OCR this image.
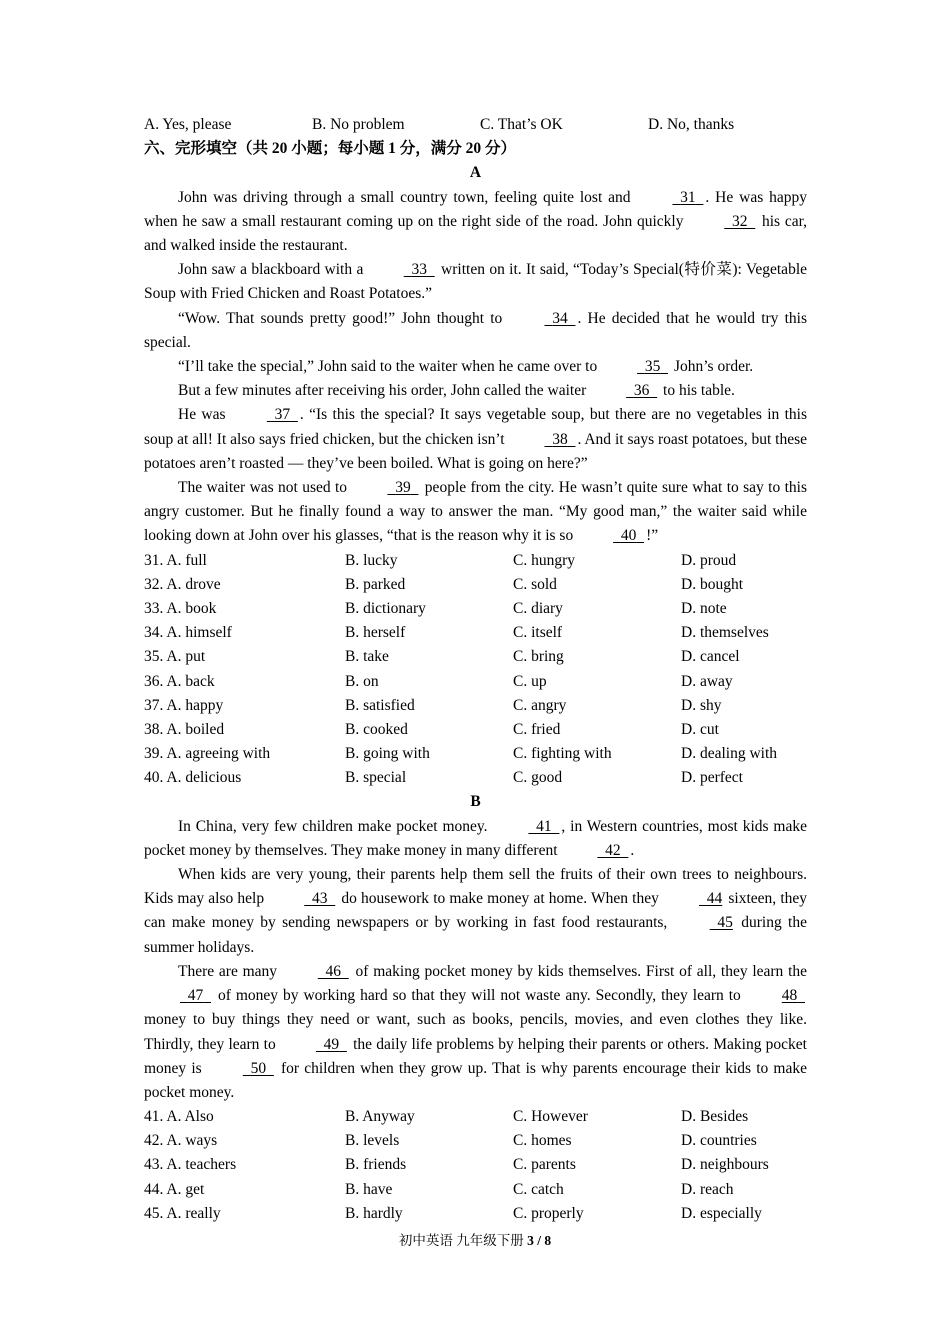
A. Yes, please	B. No problem	C. That’s OK	D. No, thanks
六、完形填空（共 20 小题；每小题 1 分，满分 20 分）
A

John was driving through a small country town, feeling quite lost and	31 . He was happy when he saw a small restaurant coming up on the right side of the road. John quickly	32   his car, and walked inside the restaurant.

John saw a blackboard with a	33   written on it. It said, “Today’s Special(特价菜): Vegetable Soup with Fried Chicken and Roast Potatoes.”

“Wow. That sounds pretty good!” John thought to	34 . He decided that he would try this special.

“I’ll take the special,” John said to the waiter when he came over to	35   John’s order.

But a few minutes after receiving his order, John called the waiter	36   to his table.

He was	37 . “Is this the special? It says vegetable soup, but there are no vegetables in this soup at all! It also says fried chicken, but the chicken isn’t	38 . And it says roast potatoes, but these potatoes aren’t roasted — they’ve been boiled. What is going on here?”

The waiter was not used to	39   people from the city. He wasn’t quite sure what to say to this angry customer. But he finally found a way to answer the man. “My good man,” the waiter said while looking down at John over his glasses, “that is the reason why it is so	40 !”

31. A. full	B. lucky	C. hungry	D. proud
32. A. drove	B. parked	C. sold	D. bought
33. A. book	B. dictionary	C. diary	D. note
34. A. himself	B. herself	C. itself	D. themselves
35. A. put	B. take	C. bring	D. cancel
36. A. back	B. on	C. up	D. away
37. A. happy	B. satisfied	C. angry	D. shy
38. A. boiled	B. cooked	C. fried	D. cut
39. A. agreeing with	B. going with	C. fighting with	D. dealing with
40. A. delicious	B. special	C. good	D. perfect
B

In China, very few children make pocket money.	41 , in Western countries, most kids make pocket money by themselves. They make money in many different	42 .

When kids are very young, their parents help them sell the fruits of their own trees to neighbours. Kids may also help	43   do housework to make money at home. When they	44 sixteen, they can make money by sending newspapers or by working in fast food restaurants,	45 during the summer holidays.

There are many	46   of making pocket money by kids themselves. First of all, they learn the   47   of money by working hard so that they will not waste any. Secondly, they learn to 48   money to buy things they need or want, such as books, pencils, movies, and even clothes they like. Thirdly, they learn to	49   the daily life problems by helping their parents or others. Making pocket money is	50   for children when they grow up. That is why parents encourage their kids to make pocket money.

41. A. Also	B. Anyway	C. However	D. Besides
42. A. ways	B. levels	C. homes	D. countries
43. A. teachers	B. friends	C. parents	D. neighbours
44. A. get	B. have	C. catch	D. reach
45. A. really	B. hardly	C. properly	D. especially
初中英语 九年级下册 3 / 8
